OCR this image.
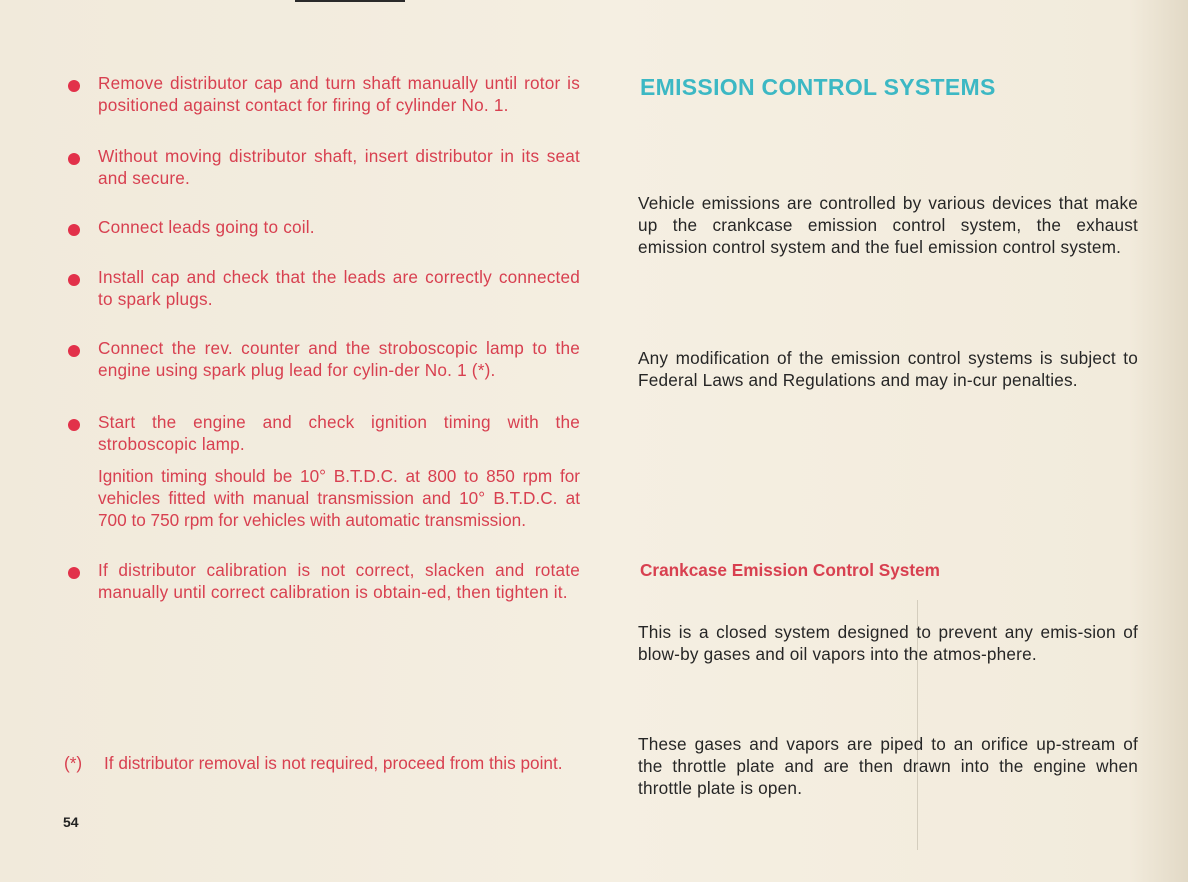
Remove distributor cap and turn shaft manually until rotor is positioned against contact for firing of cylinder No. 1.
Without moving distributor shaft, insert distributor in its seat and secure.
Connect leads going to coil.
Install cap and check that the leads are correctly connected to spark plugs.
Connect the rev. counter and the stroboscopic lamp to the engine using spark plug lead for cylin-der No. 1 (*).
Start the engine and check ignition timing with the stroboscopic lamp.
Ignition timing should be 10° B.T.D.C. at 800 to 850 rpm for vehicles fitted with manual transmission and 10° B.T.D.C. at 700 to 750 rpm for vehicles with automatic transmission.
If distributor calibration is not correct, slacken and rotate manually until correct calibration is obtain-ed, then tighten it.
(*) If distributor removal is not required, proceed from this point.
54
EMISSION CONTROL SYSTEMS
Vehicle emissions are controlled by various devices that make up the crankcase emission control system, the exhaust emission control system and the fuel emission control system.
Any modification of the emission control systems is subject to Federal Laws and Regulations and may in-cur penalties.
Crankcase Emission Control System
This is a closed system designed to prevent any emis-sion of blow-by gases and oil vapors into the atmos-phere.
These gases and vapors are piped to an orifice up-stream of the throttle plate and are then drawn into the engine when throttle plate is open.
